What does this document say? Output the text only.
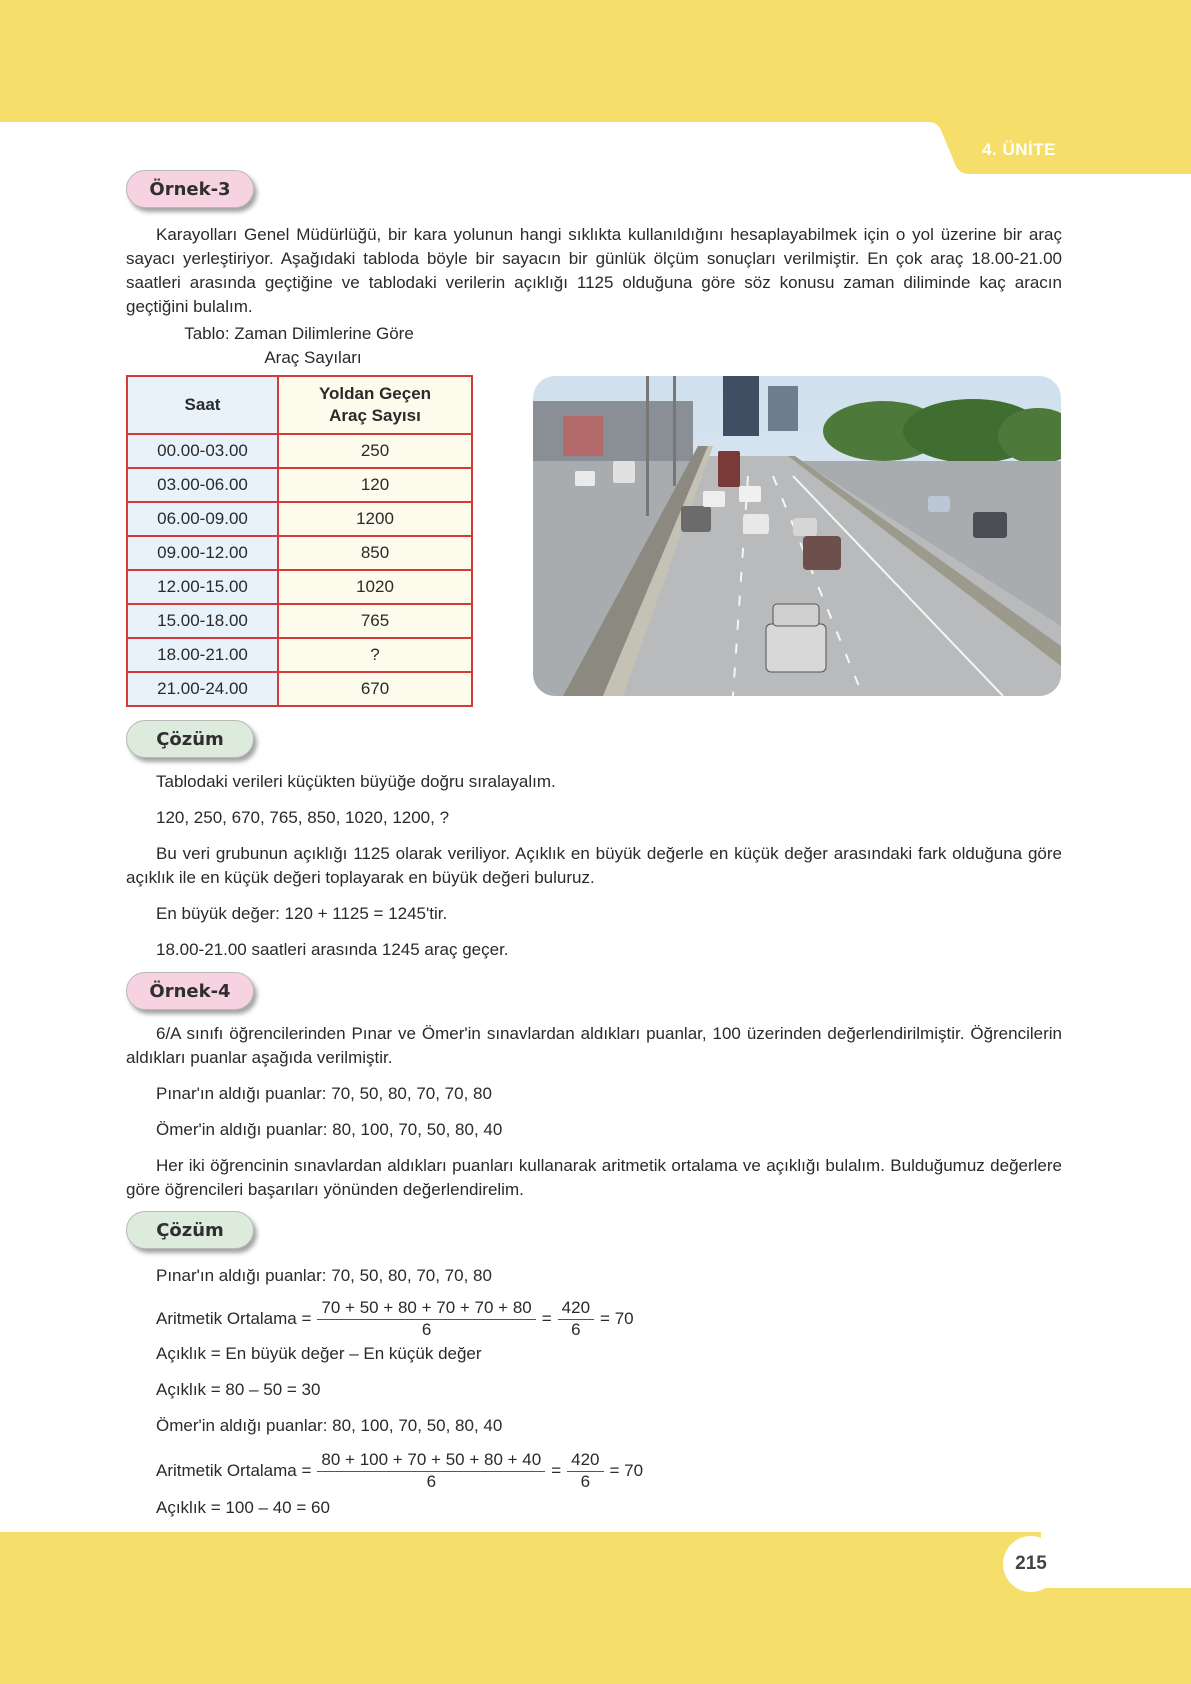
4. ÜNİTE
Örnek-3

Karayolları Genel Müdürlüğü, bir kara yolunun hangi sıklıkta kullanıldığını hesaplayabilmek için o yol üzerine bir araç sayacı yerleştiriyor. Aşağıdaki tabloda böyle bir sayacın bir günlük ölçüm sonuçları verilmiştir. En çok araç 18.00-21.00 saatleri arasında geçtiğine ve tablodaki verilerin açıklığı 1125 olduğuna göre söz konusu zaman diliminde kaç aracın geçtiğini bulalım.

Tablo: Zaman Dilimlerine Göre
Araç Sayıları
Saat	Yoldan Geçen Araç Sayısı
00.00-03.00	250
03.00-06.00	120
06.00-09.00	1200
09.00-12.00	850
12.00-15.00	1020
15.00-18.00	765
18.00-21.00	?
21.00-24.00	670
Çözüm
Tablodaki verileri küçükten büyüğe doğru sıralayalım.
120, 250, 670, 765, 850, 1020, 1200, ?

Bu veri grubunun açıklığı 1125 olarak veriliyor. Açıklık en büyük değerle en küçük değer arasındaki fark olduğuna göre açıklık ile en küçük değeri toplayarak en büyük değeri buluruz.

En büyük değer: 120 + 1125 = 1245'tir.
18.00-21.00 saatleri arasında 1245 araç geçer.
Örnek-4

6/A sınıfı öğrencilerinden Pınar ve Ömer'in sınavlardan aldıkları puanlar, 100 üzerinden değerlendirilmiştir. Öğrencilerin aldıkları puanlar aşağıda verilmiştir.

Pınar'ın aldığı puanlar: 70, 50, 80, 70, 70, 80
Ömer'in aldığı puanlar: 80, 100, 70, 50, 80, 40

Her iki öğrencinin sınavlardan aldıkları puanları kullanarak aritmetik ortalama ve açıklığı bulalım. Bulduğumuz değerlere göre öğrencileri başarıları yönünden değerlendirelim.

Çözüm
Pınar'ın aldığı puanlar: 70, 50, 80, 70, 70, 80
Aritmetik Ortalama = $\frac{70 + 50 + 80 + 70 + 70 + 80}{6} = \frac{420}{6} = 70$
Açıklık = En büyük değer – En küçük değer
Açıklık = 80 – 50 = 30
Ömer'in aldığı puanlar: 80, 100, 70, 50, 80, 40
Aritmetik Ortalama = $\frac{80 + 100 + 70 + 50 + 80 + 40}{6} = \frac{420}{6} = 70$
Açıklık = 100 – 40 = 60
215
